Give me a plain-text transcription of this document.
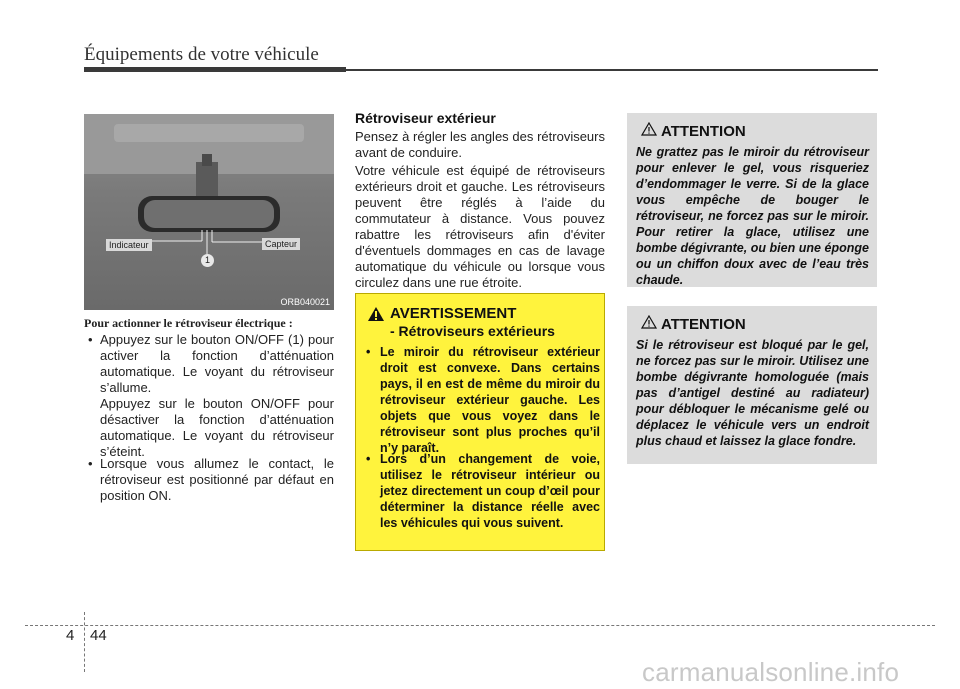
Équipements de votre véhicule
Indicateur	Capteur
1
ORB040021
Pour actionner le rétroviseur électrique :
• Appuyez sur le bouton ON/OFF (1) pour activer la fonction d’atténuation automatique. Le voyant du rétroviseur s’allume.
Appuyez sur le bouton ON/OFF pour désactiver la fonction d’atténuation automatique. Le voyant du rétroviseur s’éteint.
• Lorsque vous allumez le contact, le rétroviseur est positionné par défaut en position ON.
Rétroviseur extérieur
Pensez à régler les angles des rétroviseurs avant de conduire.
Votre véhicule est équipé de rétroviseurs extérieurs droit et gauche. Les rétroviseurs peuvent être réglés à l’aide du commutateur à distance. Vous pouvez rabattre les rétroviseurs afin d'éviter d'éventuels dommages en cas de lavage automatique du véhicule ou lorsque vous circulez dans une rue étroite.
AVERTISSEMENT
- Rétroviseurs extérieurs
• Le miroir du rétroviseur extérieur droit est convexe. Dans certains pays, il en est de même du miroir du rétroviseur extérieur gauche. Les objets que vous voyez dans le rétroviseur sont plus proches qu’il n’y paraît.
• Lors d’un changement de voie, utilisez le rétroviseur intérieur ou jetez directement un coup d’œil pour déterminer la distance réelle avec les véhicules qui vous suivent.
ATTENTION
Ne grattez pas le miroir du rétroviseur pour enlever le gel, vous risqueriez d’endommager le verre. Si de la glace vous empêche de bouger le rétroviseur, ne forcez pas sur le miroir. Pour retirer la glace, utilisez une bombe dégivrante, ou bien une éponge ou un chiffon doux avec de l’eau très chaude.
ATTENTION
Si le rétroviseur est bloqué par le gel, ne forcez pas sur le miroir. Utilisez une bombe dégivrante homologuée (mais pas d’antigel destiné au radiateur) pour débloquer le mécanisme gelé ou déplacez le véhicule vers un endroit plus chaud et laissez la glace fondre.
4 44
carmanualsonline.info
